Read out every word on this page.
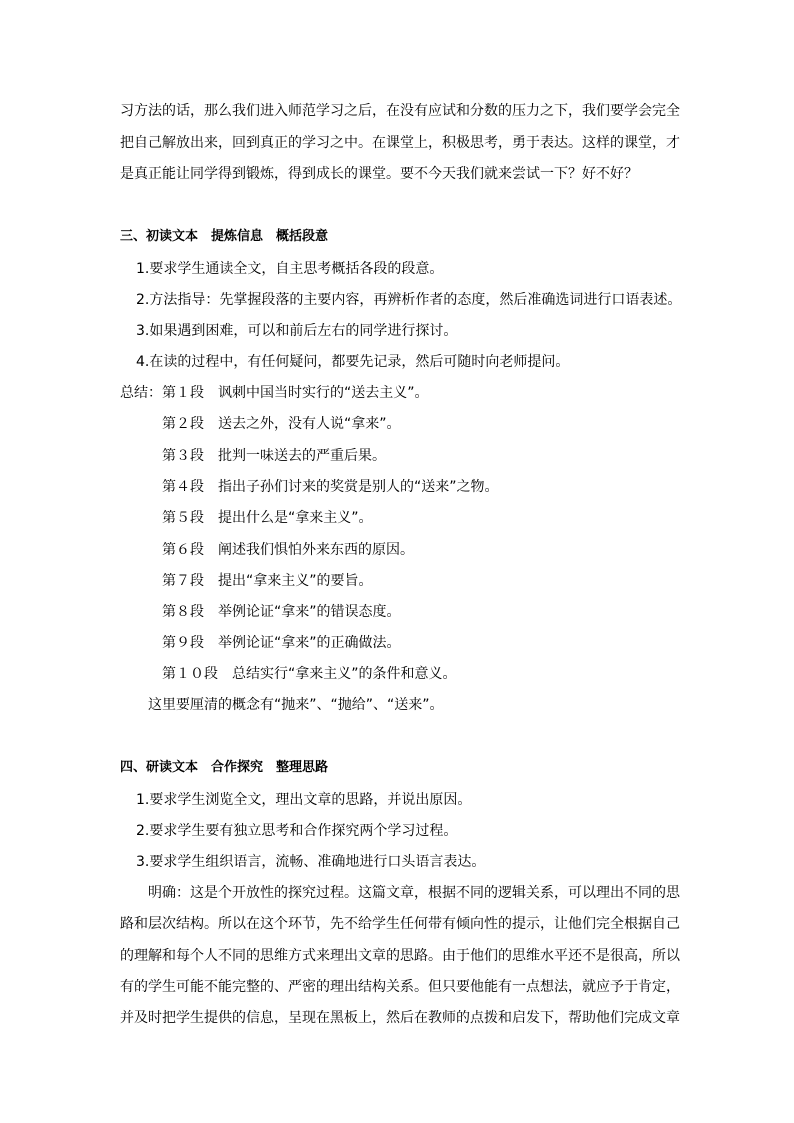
习方法的话，那么我们进入师范学习之后，在没有应试和分数的压力之下，我们要学会完全
把自己解放出来，回到真正的学习之中。在课堂上，积极思考，勇于表达。这样的课堂，才
是真正能让同学得到锻炼，得到成长的课堂。要不今天我们就来尝试一下？好不好？
三、初读文本　提炼信息　概括段意
1.要求学生通读全文，自主思考概括各段的段意。
2.方法指导：先掌握段落的主要内容，再辨析作者的态度，然后准确选词进行口语表述。
3.如果遇到困难，可以和前后左右的同学进行探讨。
4.在读的过程中，有任何疑问，都要先记录，然后可随时向老师提问。
总结： 第１段　讽刺中国当时实行的“送去主义”。
第２段　送去之外，没有人说“拿来”。
第３段　批判一味送去的严重后果。
第４段　指出子孙们讨来的奖赏是别人的“送来”之物。
第５段　提出什么是“拿来主义”。
第６段　阐述我们惧怕外来东西的原因。
第７段　提出“拿来主义”的要旨。
第８段　举例论证“拿来”的错误态度。
第９段　举例论证“拿来”的正确做法。
第１０段　总结实行“拿来主义”的条件和意义。
这里要厘清的概念有“抛来”、“抛给”、“送来”。
四、研读文本　合作探究　整理思路
1.要求学生浏览全文，理出文章的思路，并说出原因。
2.要求学生要有独立思考和合作探究两个学习过程。
3.要求学生组织语言，流畅、准确地进行口头语言表达。
明确：这是个开放性的探究过程。这篇文章，根据不同的逻辑关系，可以理出不同的思
路和层次结构。所以在这个环节，先不给学生任何带有倾向性的提示，让他们完全根据自己
的理解和每个人不同的思维方式来理出文章的思路。由于他们的思维水平还不是很高，所以
有的学生可能不能完整的、严密的理出结构关系。但只要他能有一点想法，就应予于肯定，
并及时把学生提供的信息，呈现在黑板上，然后在教师的点拨和启发下，帮助他们完成文章
